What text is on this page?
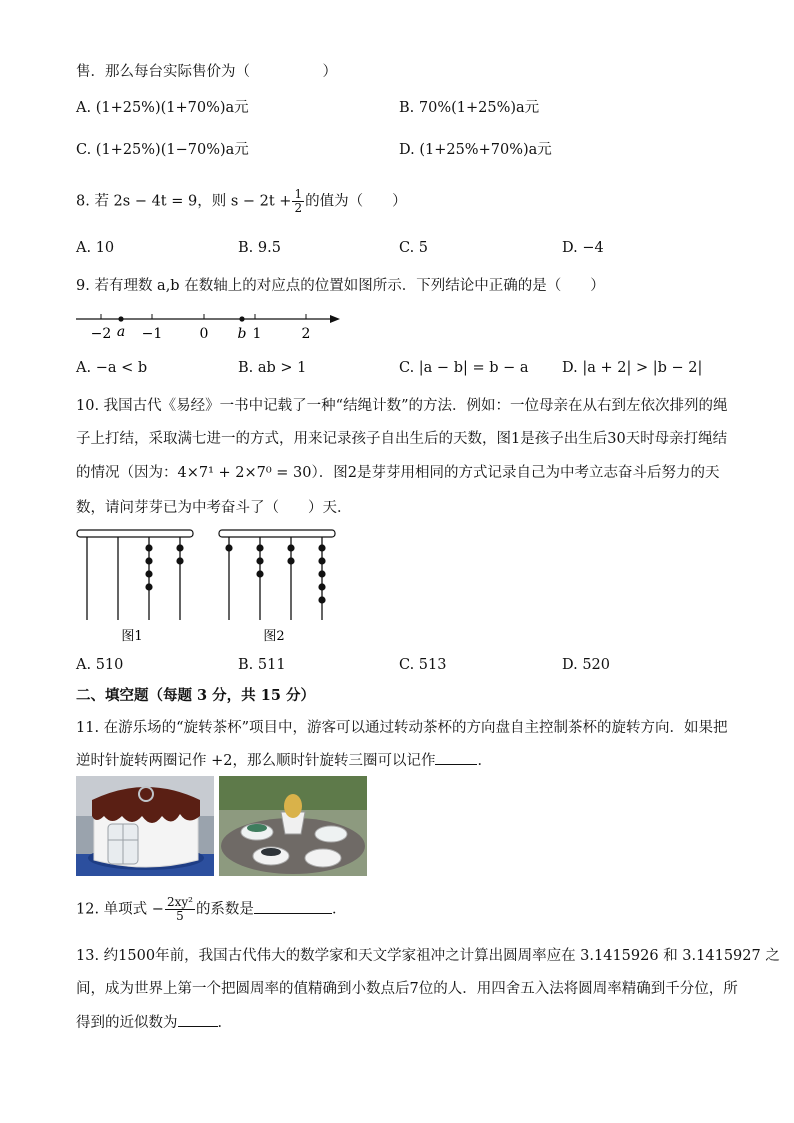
售．那么每台实际售价为（　　　　　）
A. (1+25%)(1+70%)a元	B. 70%(1+25%)a元
C. (1+25%)(1−70%)a元	D. (1+25%+70%)a元
8. 若 2s − 4t = 9，则 $s - 2t + \frac{1}{2}$ 的值为（　　）
A. 10	B. 9.5	C. 5	D. −4
9. 若有理数 a,b 在数轴上的对应点的位置如图所示．下列结论中正确的是（　　）
−2 a −1	0 b 1	2
A. −a < b	B. ab > 1	C. |a − b| = b − a D. |a + 2| > |b − 2|
10. 我国古代《易经》一书中记载了一种“结绳计数”的方法．例如：一位母亲在从右到左依次排列的绳
子上打结，采取满七进一的方式，用来记录孩子自出生后的天数，图1是孩子出生后30天时母亲打绳结
的情况（因为：4×7¹ + 2×7⁰ = 30）．图2是芽芽用相同的方式记录自己为中考立志奋斗后努力的天
数，请问芽芽已为中考奋斗了（　　）天．
图1	图2
A. 510	B. 511	C. 513	D. 520
二、填空题（每题 3 分，共 15 分）
11. 在游乐场的“旋转茶杯”项目中，游客可以通过转动茶杯的方向盘自主控制茶杯的旋转方向．如果把
逆时针旋转两圈记作 +2，那么顺时针旋转三圈可以记作	．
12. 单项式 − $\frac{\text{2xy²}}{5}$ 的系数是	．
13. 约1500年前，我国古代伟大的数学家和天文学家祖冲之计算出圆周率应在 3.1415926 和 3.1415927 之
间，成为世界上第一个把圆周率的值精确到小数点后7位的人．用四舍五入法将圆周率精确到千分位，所
得到的近似数为	．
